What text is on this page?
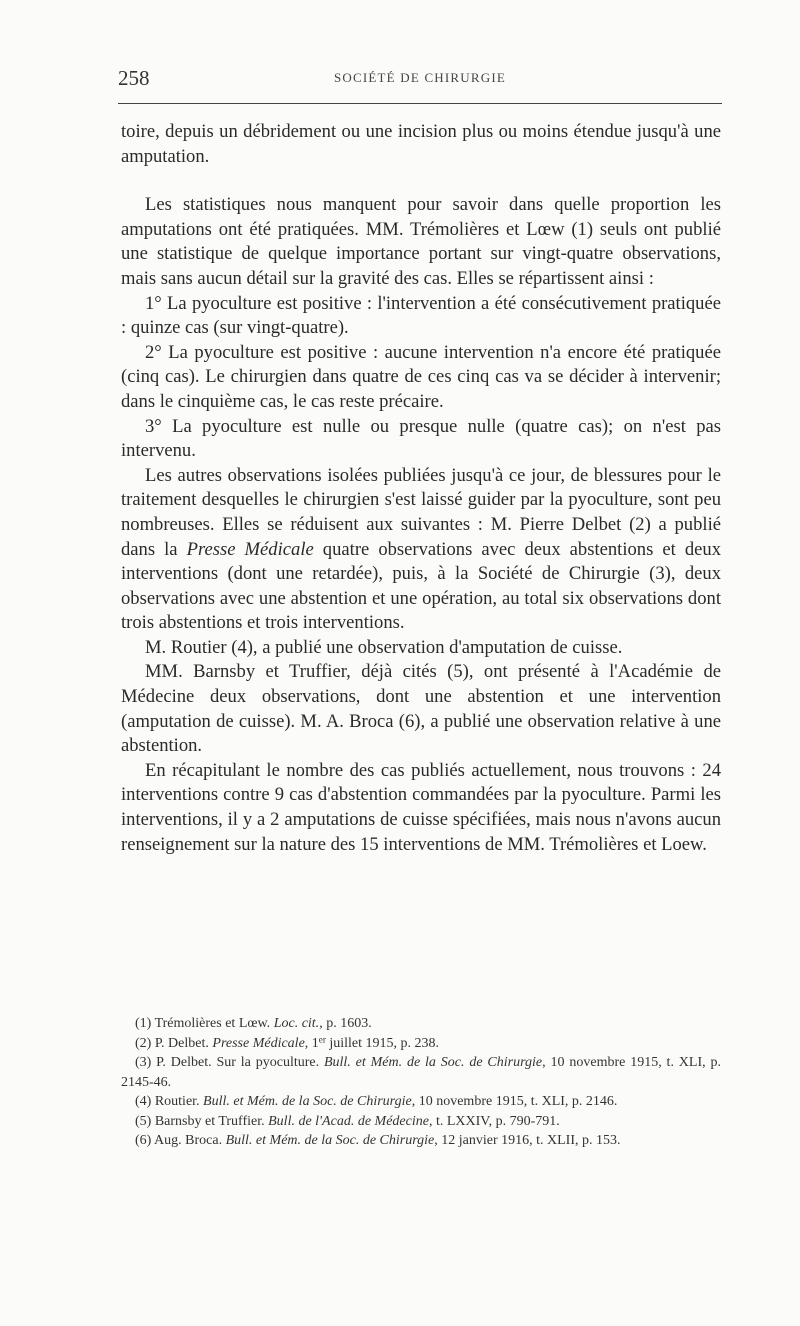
258	SOCIÉTÉ DE CHIRURGIE

toire, depuis un débridement ou une incision plus ou moins étendue jusqu'à une amputation.

Les statistiques nous manquent pour savoir dans quelle proportion les amputations ont été pratiquées. MM. Trémolières et Lœw (1) seuls ont publié une statistique de quelque importance portant sur vingt-quatre observations, mais sans aucun détail sur la gravité des cas. Elles se répartissent ainsi :

1° La pyoculture est positive : l'intervention a été consécutivement pratiquée : quinze cas (sur vingt-quatre).

2° La pyoculture est positive : aucune intervention n'a encore été pratiquée (cinq cas). Le chirurgien dans quatre de ces cinq cas va se décider à intervenir; dans le cinquième cas, le cas reste précaire.

3° La pyoculture est nulle ou presque nulle (quatre cas); on n'est pas intervenu.

Les autres observations isolées publiées jusqu'à ce jour, de blessures pour le traitement desquelles le chirurgien s'est laissé guider par la pyoculture, sont peu nombreuses. Elles se réduisent aux suivantes : M. Pierre Delbet (2) a publié dans la Presse Médicale quatre observations avec deux abstentions et deux interventions (dont une retardée), puis, à la Société de Chirurgie (3), deux observations avec une abstention et une opération, au total six observations dont trois abstentions et trois interventions.

M. Routier (4), a publié une observation d'amputation de cuisse.

MM. Barnsby et Truffier, déjà cités (5), ont présenté à l'Académie de Médecine deux observations, dont une abstention et une intervention (amputation de cuisse). M. A. Broca (6), a publié une observation relative à une abstention.

En récapitulant le nombre des cas publiés actuellement, nous trouvons : 24 interventions contre 9 cas d'abstention commandées par la pyoculture. Parmi les interventions, il y a 2 amputations de cuisse spécifiées, mais nous n'avons aucun renseignement sur la nature des 15 interventions de MM. Trémolières et Loew.

(1) Trémolières et Lœw. Loc. cit., p. 1603.

(2) P. Delbet. Presse Médicale, 1er juillet 1915, p. 238.

(3) P. Delbet. Sur la pyoculture. Bull. et Mém. de la Soc. de Chirurgie, 10 novembre 1915, t. XLI, p. 2145-46.

(4) Routier. Bull. et Mém. de la Soc. de Chirurgie, 10 novembre 1915, t. XLI, p. 2146.

(5) Barnsby et Truffier. Bull. de l'Acad. de Médecine, t. LXXIV, p. 790-791.

(6) Aug. Broca. Bull. et Mém. de la Soc. de Chirurgie, 12 janvier 1916, t. XLII, p. 153.
